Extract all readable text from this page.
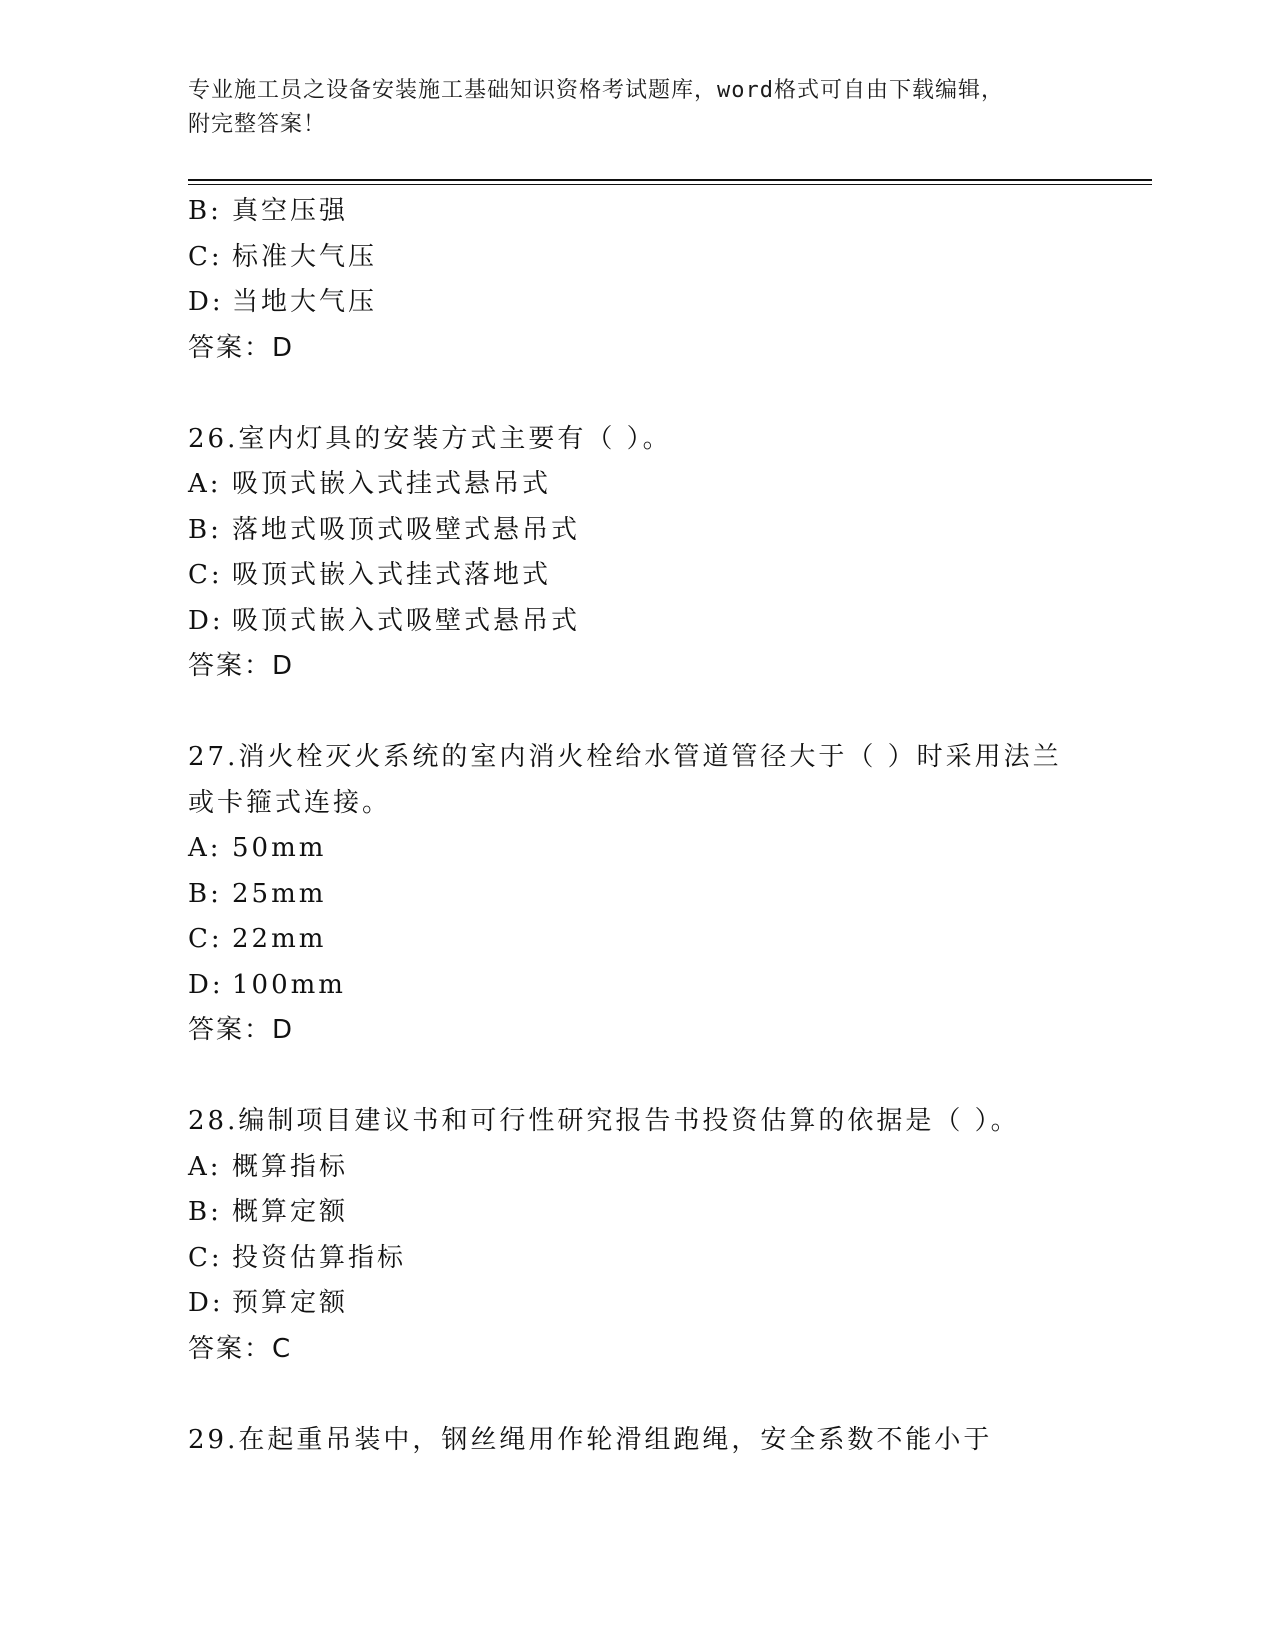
专业施工员之设备安装施工基础知识资格考试题库，word格式可自由下载编辑，
附完整答案！
B: 真空压强
C: 标准大气压
D: 当地大气压
答案：D
26.室内灯具的安装方式主要有（ ）。
A: 吸顶式嵌入式挂式悬吊式
B: 落地式吸顶式吸壁式悬吊式
C: 吸顶式嵌入式挂式落地式
D: 吸顶式嵌入式吸壁式悬吊式
答案：D
27.消火栓灭火系统的室内消火栓给水管道管径大于（ ）时采用法兰
或卡箍式连接。
A: 50mm
B: 25mm
C: 22mm
D: 100mm
答案：D
28.编制项目建议书和可行性研究报告书投资估算的依据是（ ）。
A: 概算指标
B: 概算定额
C: 投资估算指标
D: 预算定额
答案：C
29.在起重吊装中，钢丝绳用作轮滑组跑绳，安全系数不能小于
